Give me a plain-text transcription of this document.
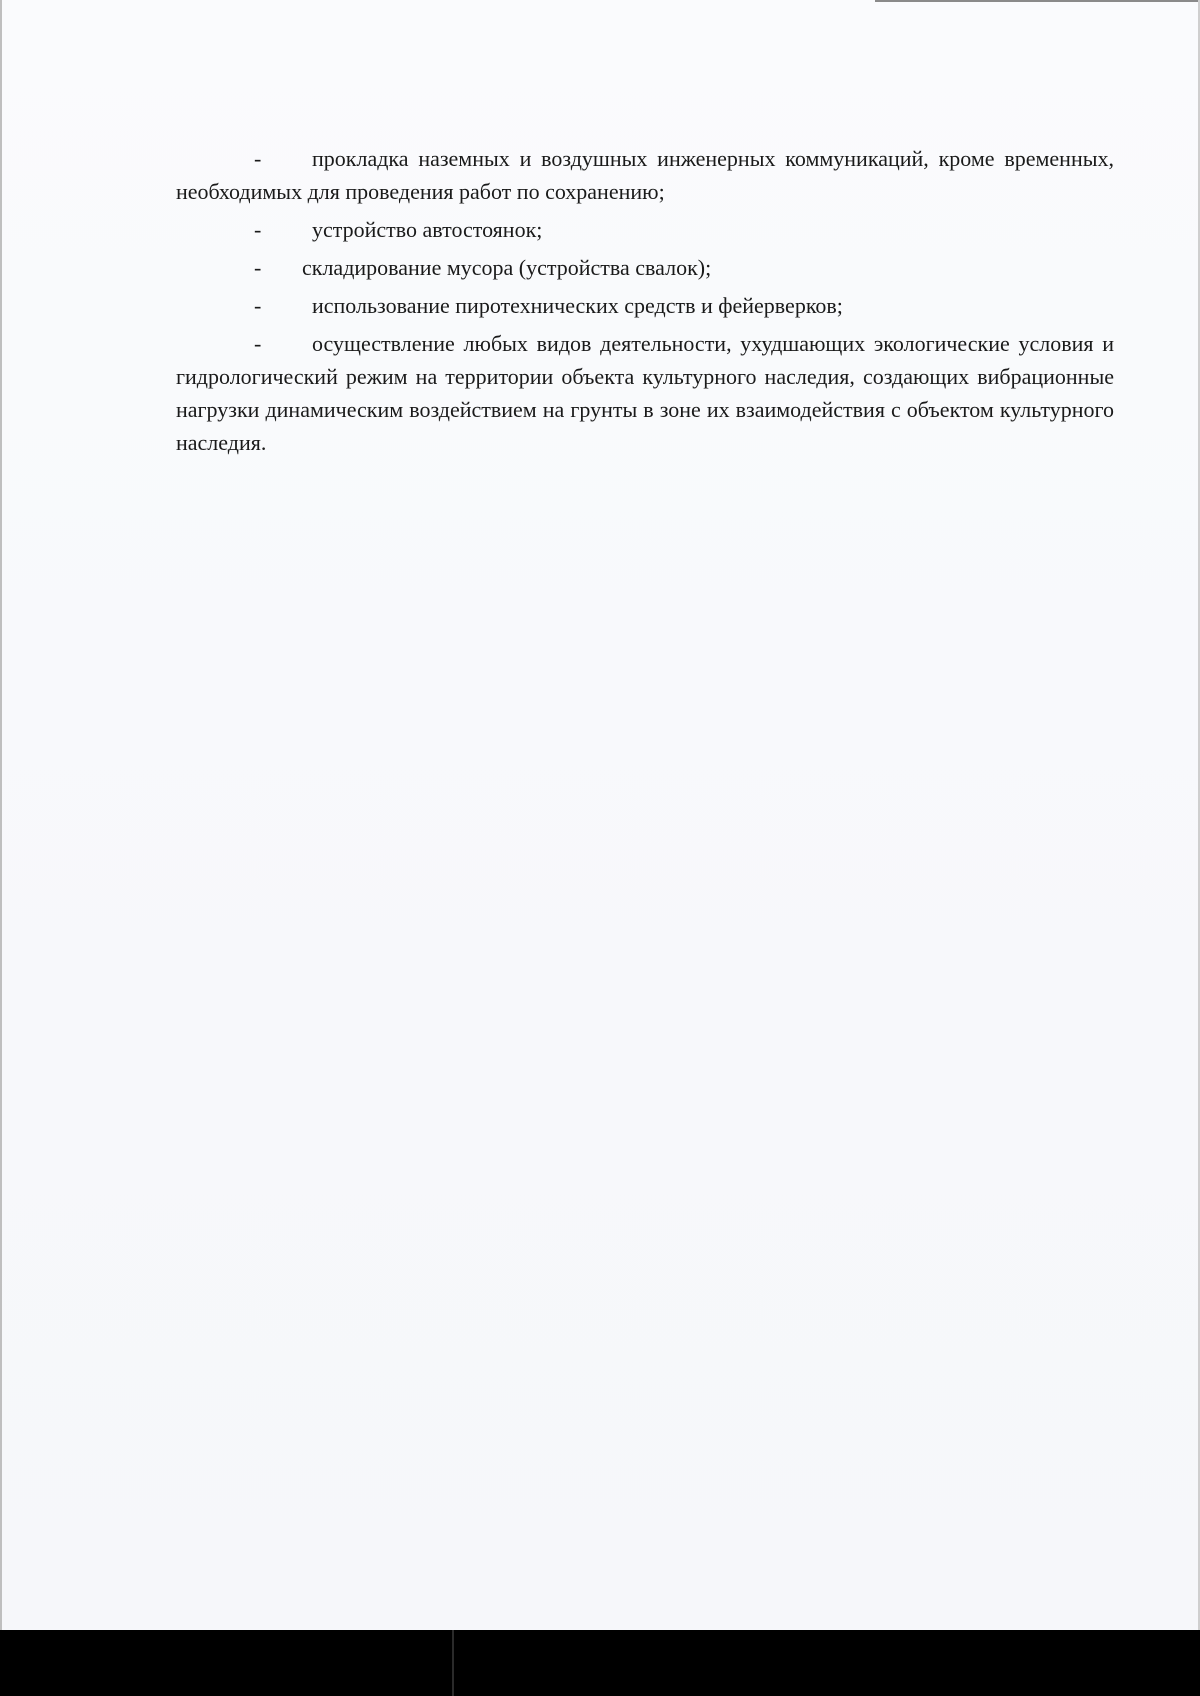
- прокладка наземных и воздушных инженерных коммуникаций, кроме временных, необходимых для проведения работ по сохранению;

- устройство автостоянок;

- складирование мусора (устройства свалок);

- использование пиротехнических средств и фейерверков;

- осуществление любых видов деятельности, ухудшающих экологические условия и гидрологический режим на территории объекта культурного наследия, создающих вибрационные нагрузки динамическим воздействием на грунты в зоне их взаимодействия с объектом культурного наследия.
